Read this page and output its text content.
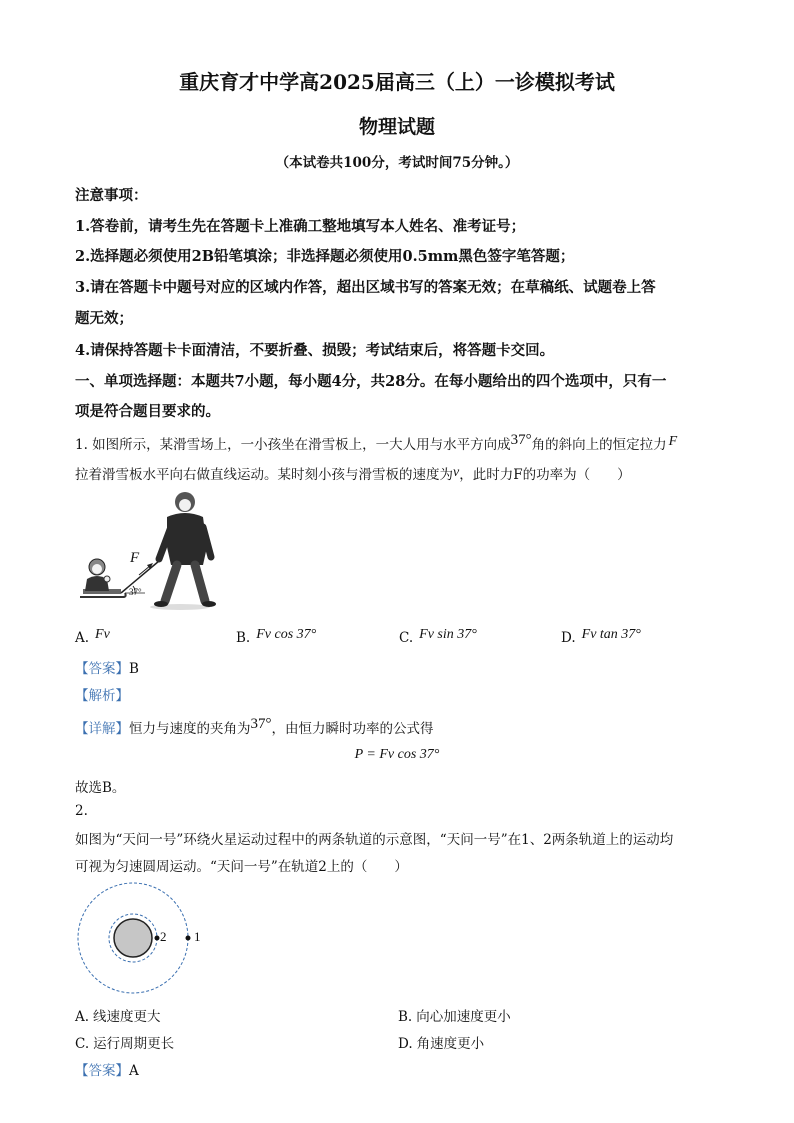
重庆育才中学高2025届高三（上）一诊模拟考试
物理试题
（本试卷共100分，考试时间75分钟。）
注意事项：
1.答卷前，请考生先在答题卡上准确工整地填写本人姓名、准考证号；
2.选择题必须使用2B铅笔填涂；非选择题必须使用0.5mm黑色签字笔答题；
3.请在答题卡中题号对应的区域内作答，超出区域书写的答案无效；在草稿纸、试题卷上答
题无效；
4.请保持答题卡卡面清洁，不要折叠、损毁；考试结束后，将答题卡交回。
一、单项选择题：本题共7小题，每小题4分，共28分。在每小题给出的四个选项中，只有一
项是符合题目要求的。
1. 如图所示，某滑雪场上，一小孩坐在滑雪板上，一大人用与水平方向成37°角的斜向上的恒定拉力 F
拉着滑雪板水平向右做直线运动。某时刻小孩与滑雪板的速度为v，此时力F的功率为（　　）
F
37°
A. Fv	B. Fv cos 37°	C. Fv sin 37°	D. Fv tan 37°
【答案】B
【解析】
【详解】恒力与速度的夹角为37°，由恒力瞬时功率的公式得
P = Fv cos 37°
故选B。
2.
如图为“天问一号”环绕火星运动过程中的两条轨道的示意图，“天问一号”在1、2两条轨道上的运动均
可视为匀速圆周运动。“天问一号”在轨道2上的（　　）
2 1
A. 线速度更大	B. 向心加速度更小
C. 运行周期更长	D. 角速度更小
【答案】A
